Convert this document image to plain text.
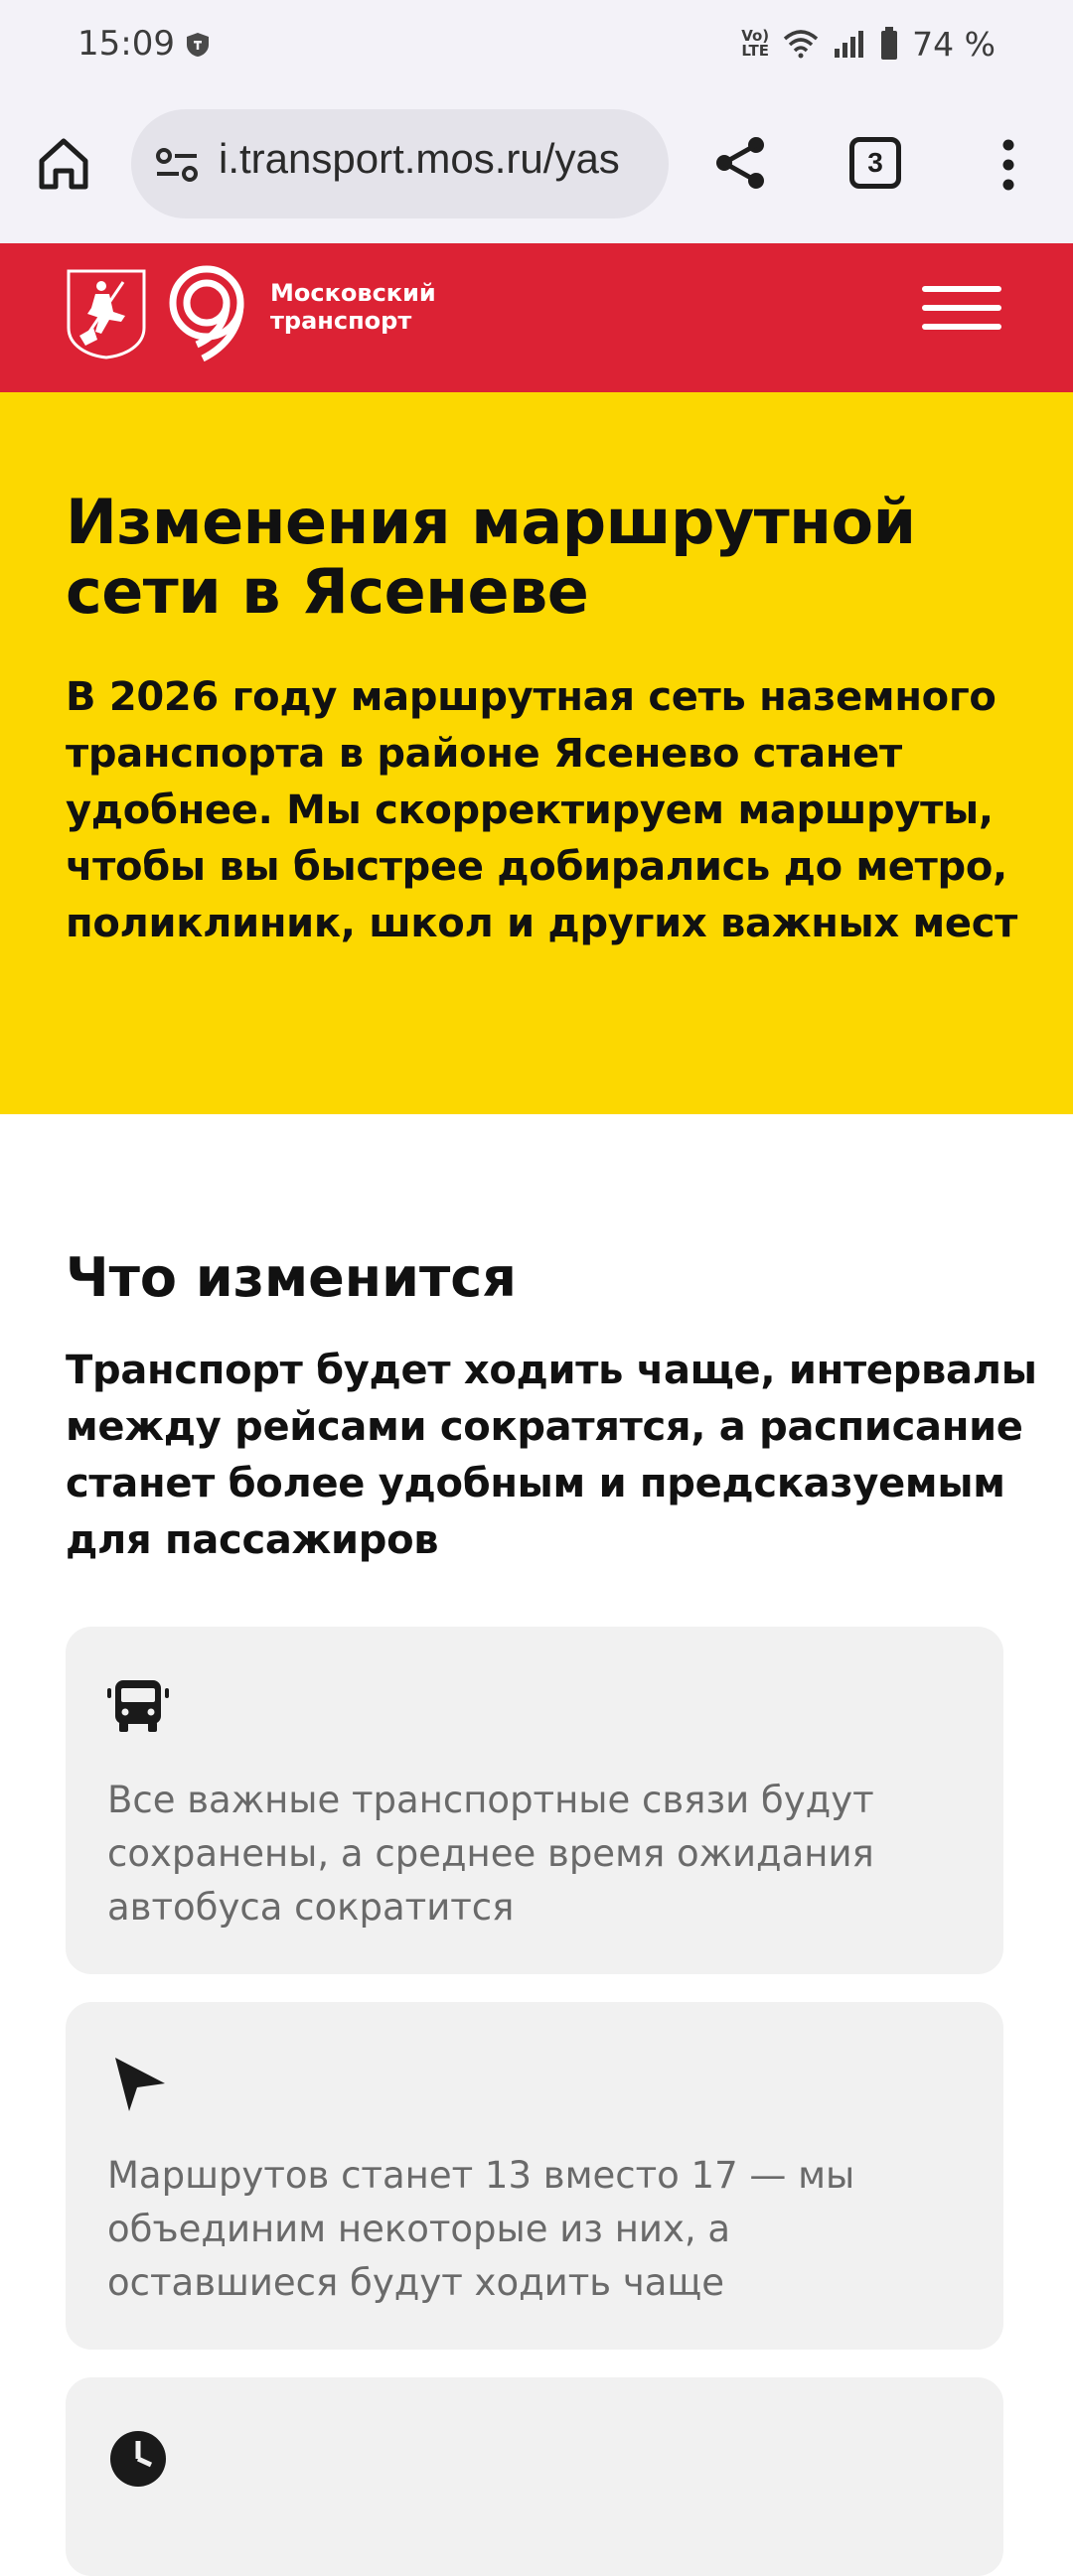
15:09	Vo)
LTE	74 %
i.transport.mos.ru/yas	3
Московский
транспорт
Изменения маршрутной сети в Ясеневе

В 2026 году маршрутная сеть наземного транспорта в районе Ясенево станет удобнее. Мы скорректируем маршруты, чтобы вы быстрее добирались до метро, поликлиник, школ и других важных мест

Что изменится

Транспорт будет ходить чаще, интервалы между рейсами сократятся, а расписание станет более удобным и предсказуемым для пассажиров

Все важные транспортные связи будут сохранены, а среднее время ожидания автобуса сократится

Маршрутов станет 13 вместо 17 — мы объединим некоторые из них, а оставшиеся будут ходить чаще
